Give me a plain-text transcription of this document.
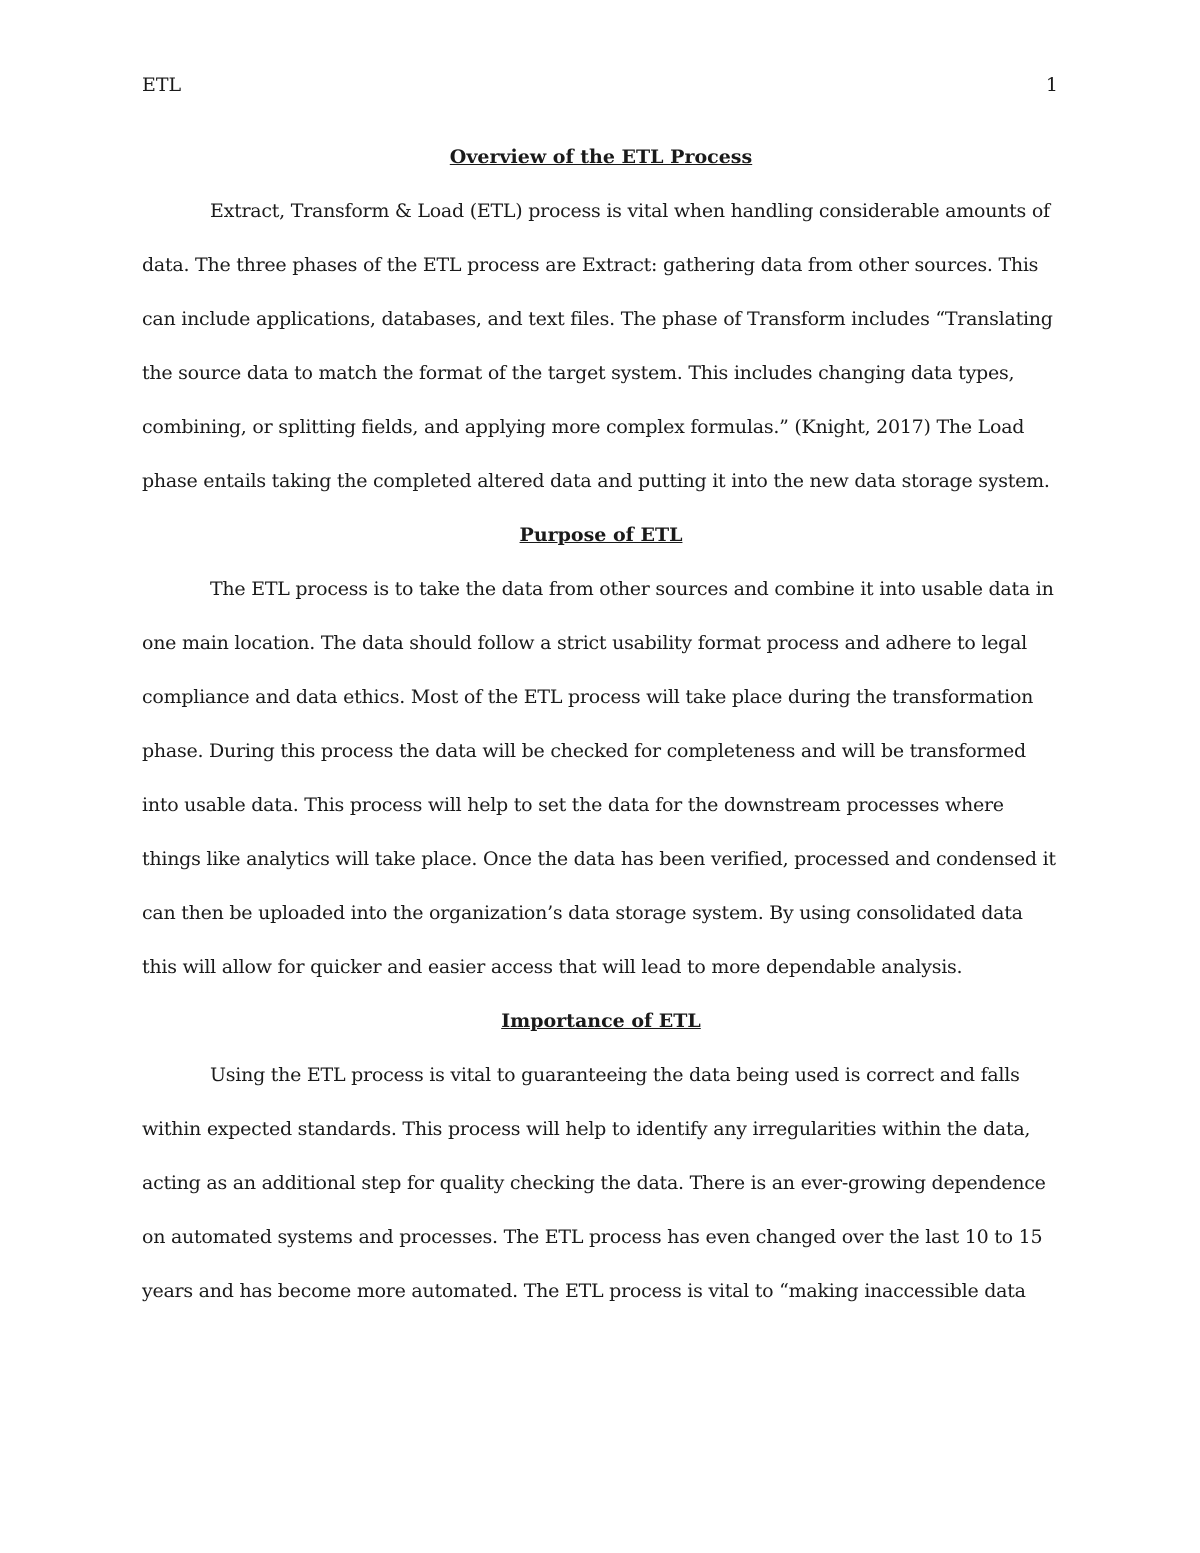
ETL	1
Overview of the ETL Process

Extract, Transform & Load (ETL) process is vital when handling considerable amounts of data. The three phases of the ETL process are Extract: gathering data from other sources. This can include applications, databases, and text files. The phase of Transform includes “Translating the source data to match the format of the target system. This includes changing data types, combining, or splitting fields, and applying more complex formulas.” (Knight, 2017) The Load phase entails taking the completed altered data and putting it into the new data storage system.

Purpose of ETL

The ETL process is to take the data from other sources and combine it into usable data in one main location. The data should follow a strict usability format process and adhere to legal compliance and data ethics. Most of the ETL process will take place during the transformation phase. During this process the data will be checked for completeness and will be transformed into usable data. This process will help to set the data for the downstream processes where things like analytics will take place. Once the data has been verified, processed and condensed it can then be uploaded into the organization’s data storage system. By using consolidated data this will allow for quicker and easier access that will lead to more dependable analysis.

Importance of ETL

Using the ETL process is vital to guaranteeing the data being used is correct and falls within expected standards. This process will help to identify any irregularities within the data, acting as an additional step for quality checking the data. There is an ever-growing dependence on automated systems and processes. The ETL process has even changed over the last 10 to 15 years and has become more automated. The ETL process is vital to “making inaccessible data
